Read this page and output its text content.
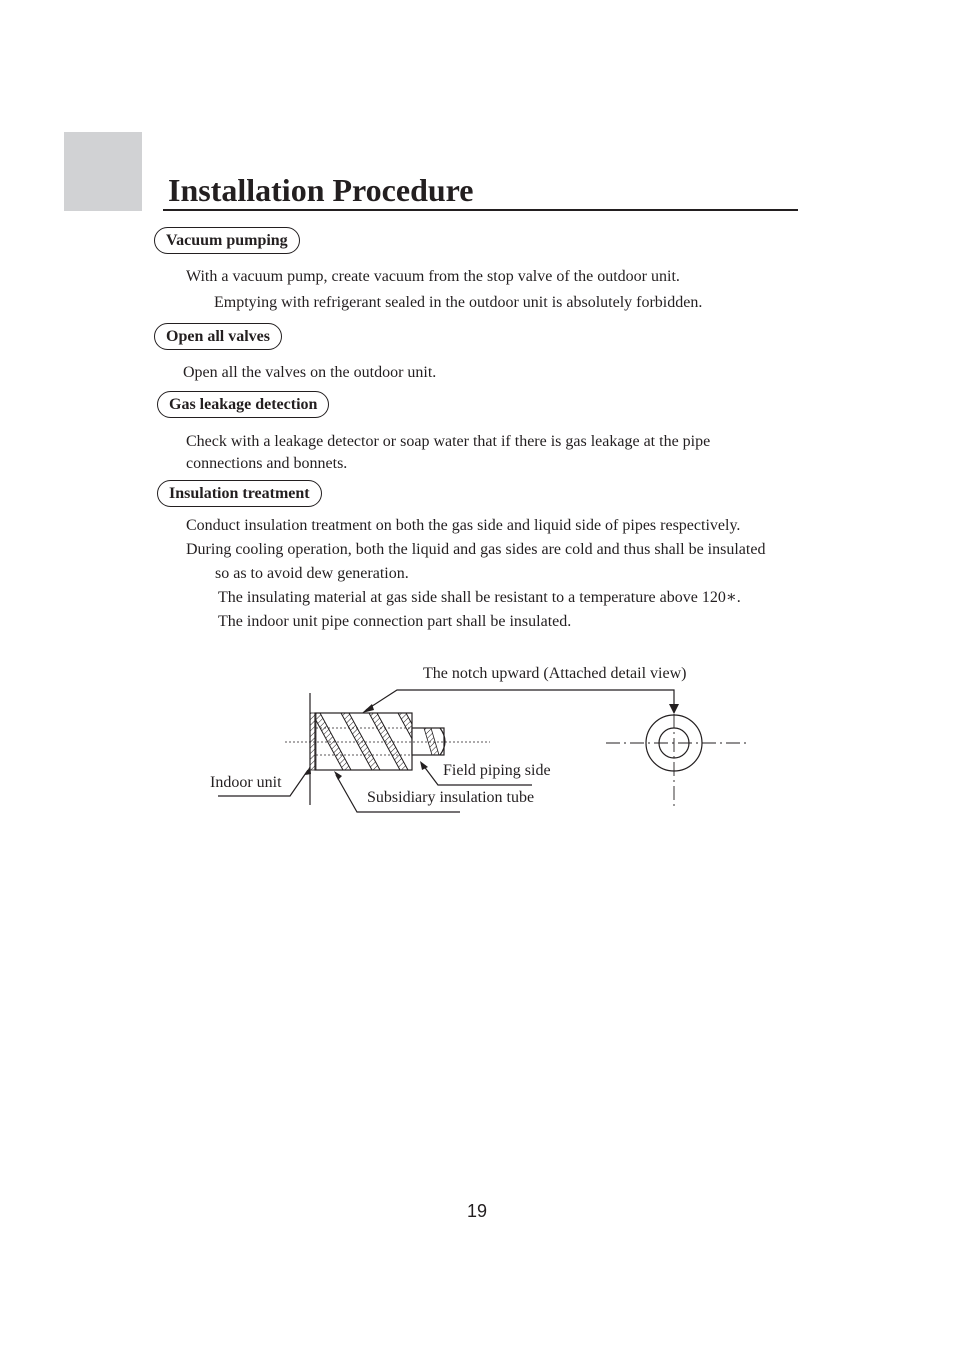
Installation Procedure
Vacuum pumping
With a vacuum pump, create vacuum from the stop valve of the outdoor unit.
Emptying with refrigerant sealed in the outdoor unit is absolutely forbidden.
Open all valves
Open all the valves on the outdoor unit.
Gas leakage detection
Check with a leakage detector or soap water that if there is gas leakage at the pipe
connections and bonnets.
Insulation treatment
Conduct insulation treatment on both the gas side and liquid side of pipes respectively.
During cooling operation, both the liquid and gas sides are cold and thus shall be insulated
so as to avoid dew generation.
The insulating material at gas side shall be resistant to a temperature above 120∗.
The indoor unit pipe connection part shall be insulated.
The notch upward (Attached detail view)
Field piping side
Indoor unit
Subsidiary insulation tube
19
